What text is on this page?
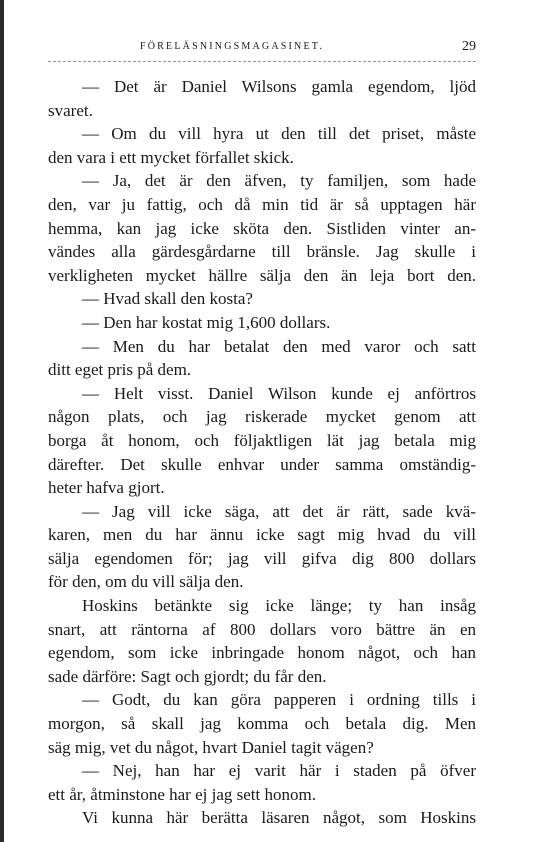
FÖRELÄSNINGSMAGASINET.	29
— Det är Daniel Wilsons gamla egendom, ljöd
svaret.
— Om du vill hyra ut den till det priset, måste
den vara i ett mycket förfallet skick.
— Ja, det är den äfven, ty familjen, som hade
den, var ju fattig, och då min tid är så upptagen här
hemma, kan jag icke sköta den. Sistliden vinter an-
vändes alla gärdesgårdarne till bränsle. Jag skulle i
verkligheten mycket hällre sälja den än leja bort den.
— Hvad skall den kosta?
— Den har kostat mig 1,600 dollars.
— Men du har betalat den med varor och satt
ditt eget pris på dem.
— Helt visst. Daniel Wilson kunde ej anförtros
någon plats, och jag riskerade mycket genom att
borga åt honom, och följaktligen lät jag betala mig
därefter. Det skulle enhvar under samma omständig-
heter hafva gjort.
— Jag vill icke säga, att det är rätt, sade kvä-
karen, men du har ännu icke sagt mig hvad du vill
sälja egendomen för; jag vill gifva dig 800 dollars
för den, om du vill sälja den.
Hoskins betänkte sig icke länge; ty han insåg
snart, att räntorna af 800 dollars voro bättre än en
egendom, som icke inbringade honom något, och han
sade därföre: Sagt och gjordt; du får den.
— Godt, du kan göra papperen i ordning tills i
morgon, så skall jag komma och betala dig. Men
säg mig, vet du något, hvart Daniel tagit vägen?
— Nej, han har ej varit här i staden på öfver
ett år, åtminstone har ej jag sett honom.
Vi kunna här berätta läsaren något, som Hoskins
